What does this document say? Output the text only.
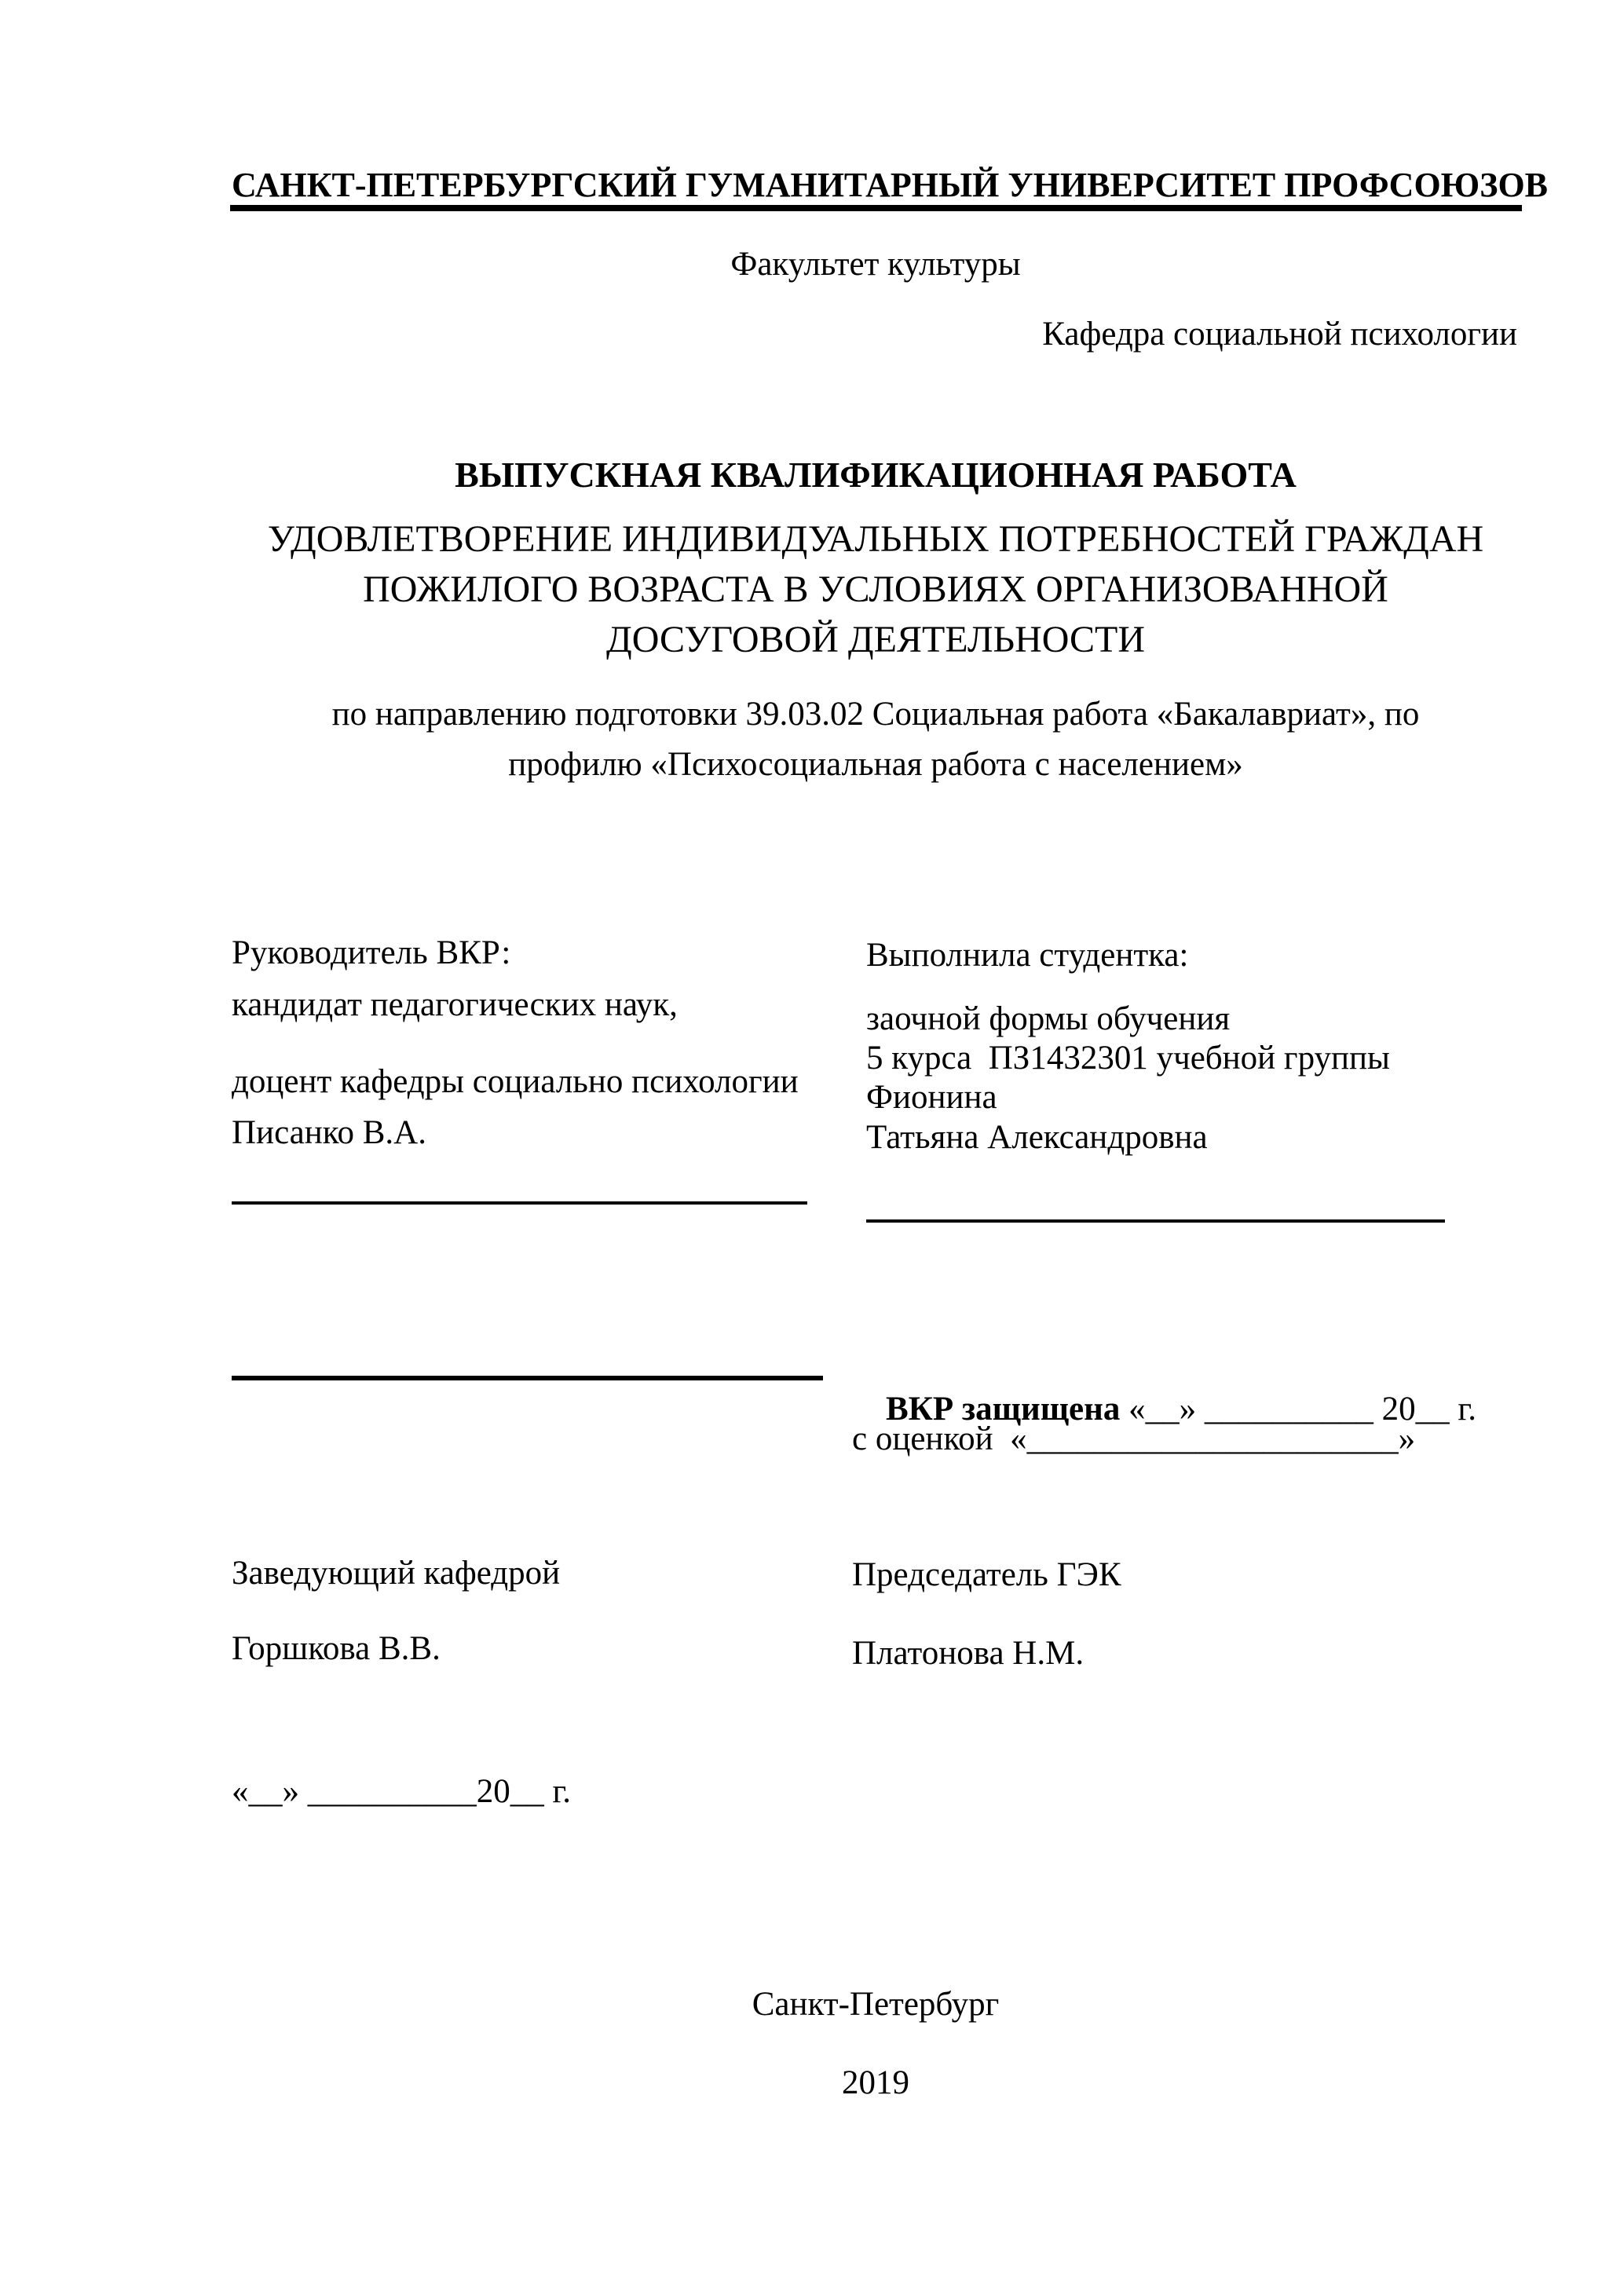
САНКТ-ПЕТЕРБУРГСКИЙ ГУМАНИТАРНЫЙ УНИВЕРСИТЕТ ПРОФСОЮЗОВ
Факультет культуры
Кафедра социальной психологии
ВЫПУСКНАЯ КВАЛИФИКАЦИОННАЯ РАБОТА
УДОВЛЕТВОРЕНИЕ ИНДИВИДУАЛЬНЫХ ПОТРЕБНОСТЕЙ ГРАЖДАН
ПОЖИЛОГО ВОЗРАСТА В УСЛОВИЯХ ОРГАНИЗОВАННОЙ
ДОСУГОВОЙ ДЕЯТЕЛЬНОСТИ
по направлению подготовки 39.03.02 Социальная работа «Бакалавриат», по
профилю «Психосоциальная работа с населением»
Руководитель ВКР:
кандидат педагогических наук,
доцент кафедры социально психологии
Писанко В.А.
Выполнила студентка:
заочной формы обучения
5 курса  ПЗ1432301 учебной группы
Фионина
Татьяна Александровна

ВКР защищена «__» __________ 20__ г.

с оценкой  «______________________»
Заведующий кафедрой	Председатель ГЭК
Горшкова В.В.	Платонова Н.М.
«__» __________20__ г.
Санкт-Петербург
2019
